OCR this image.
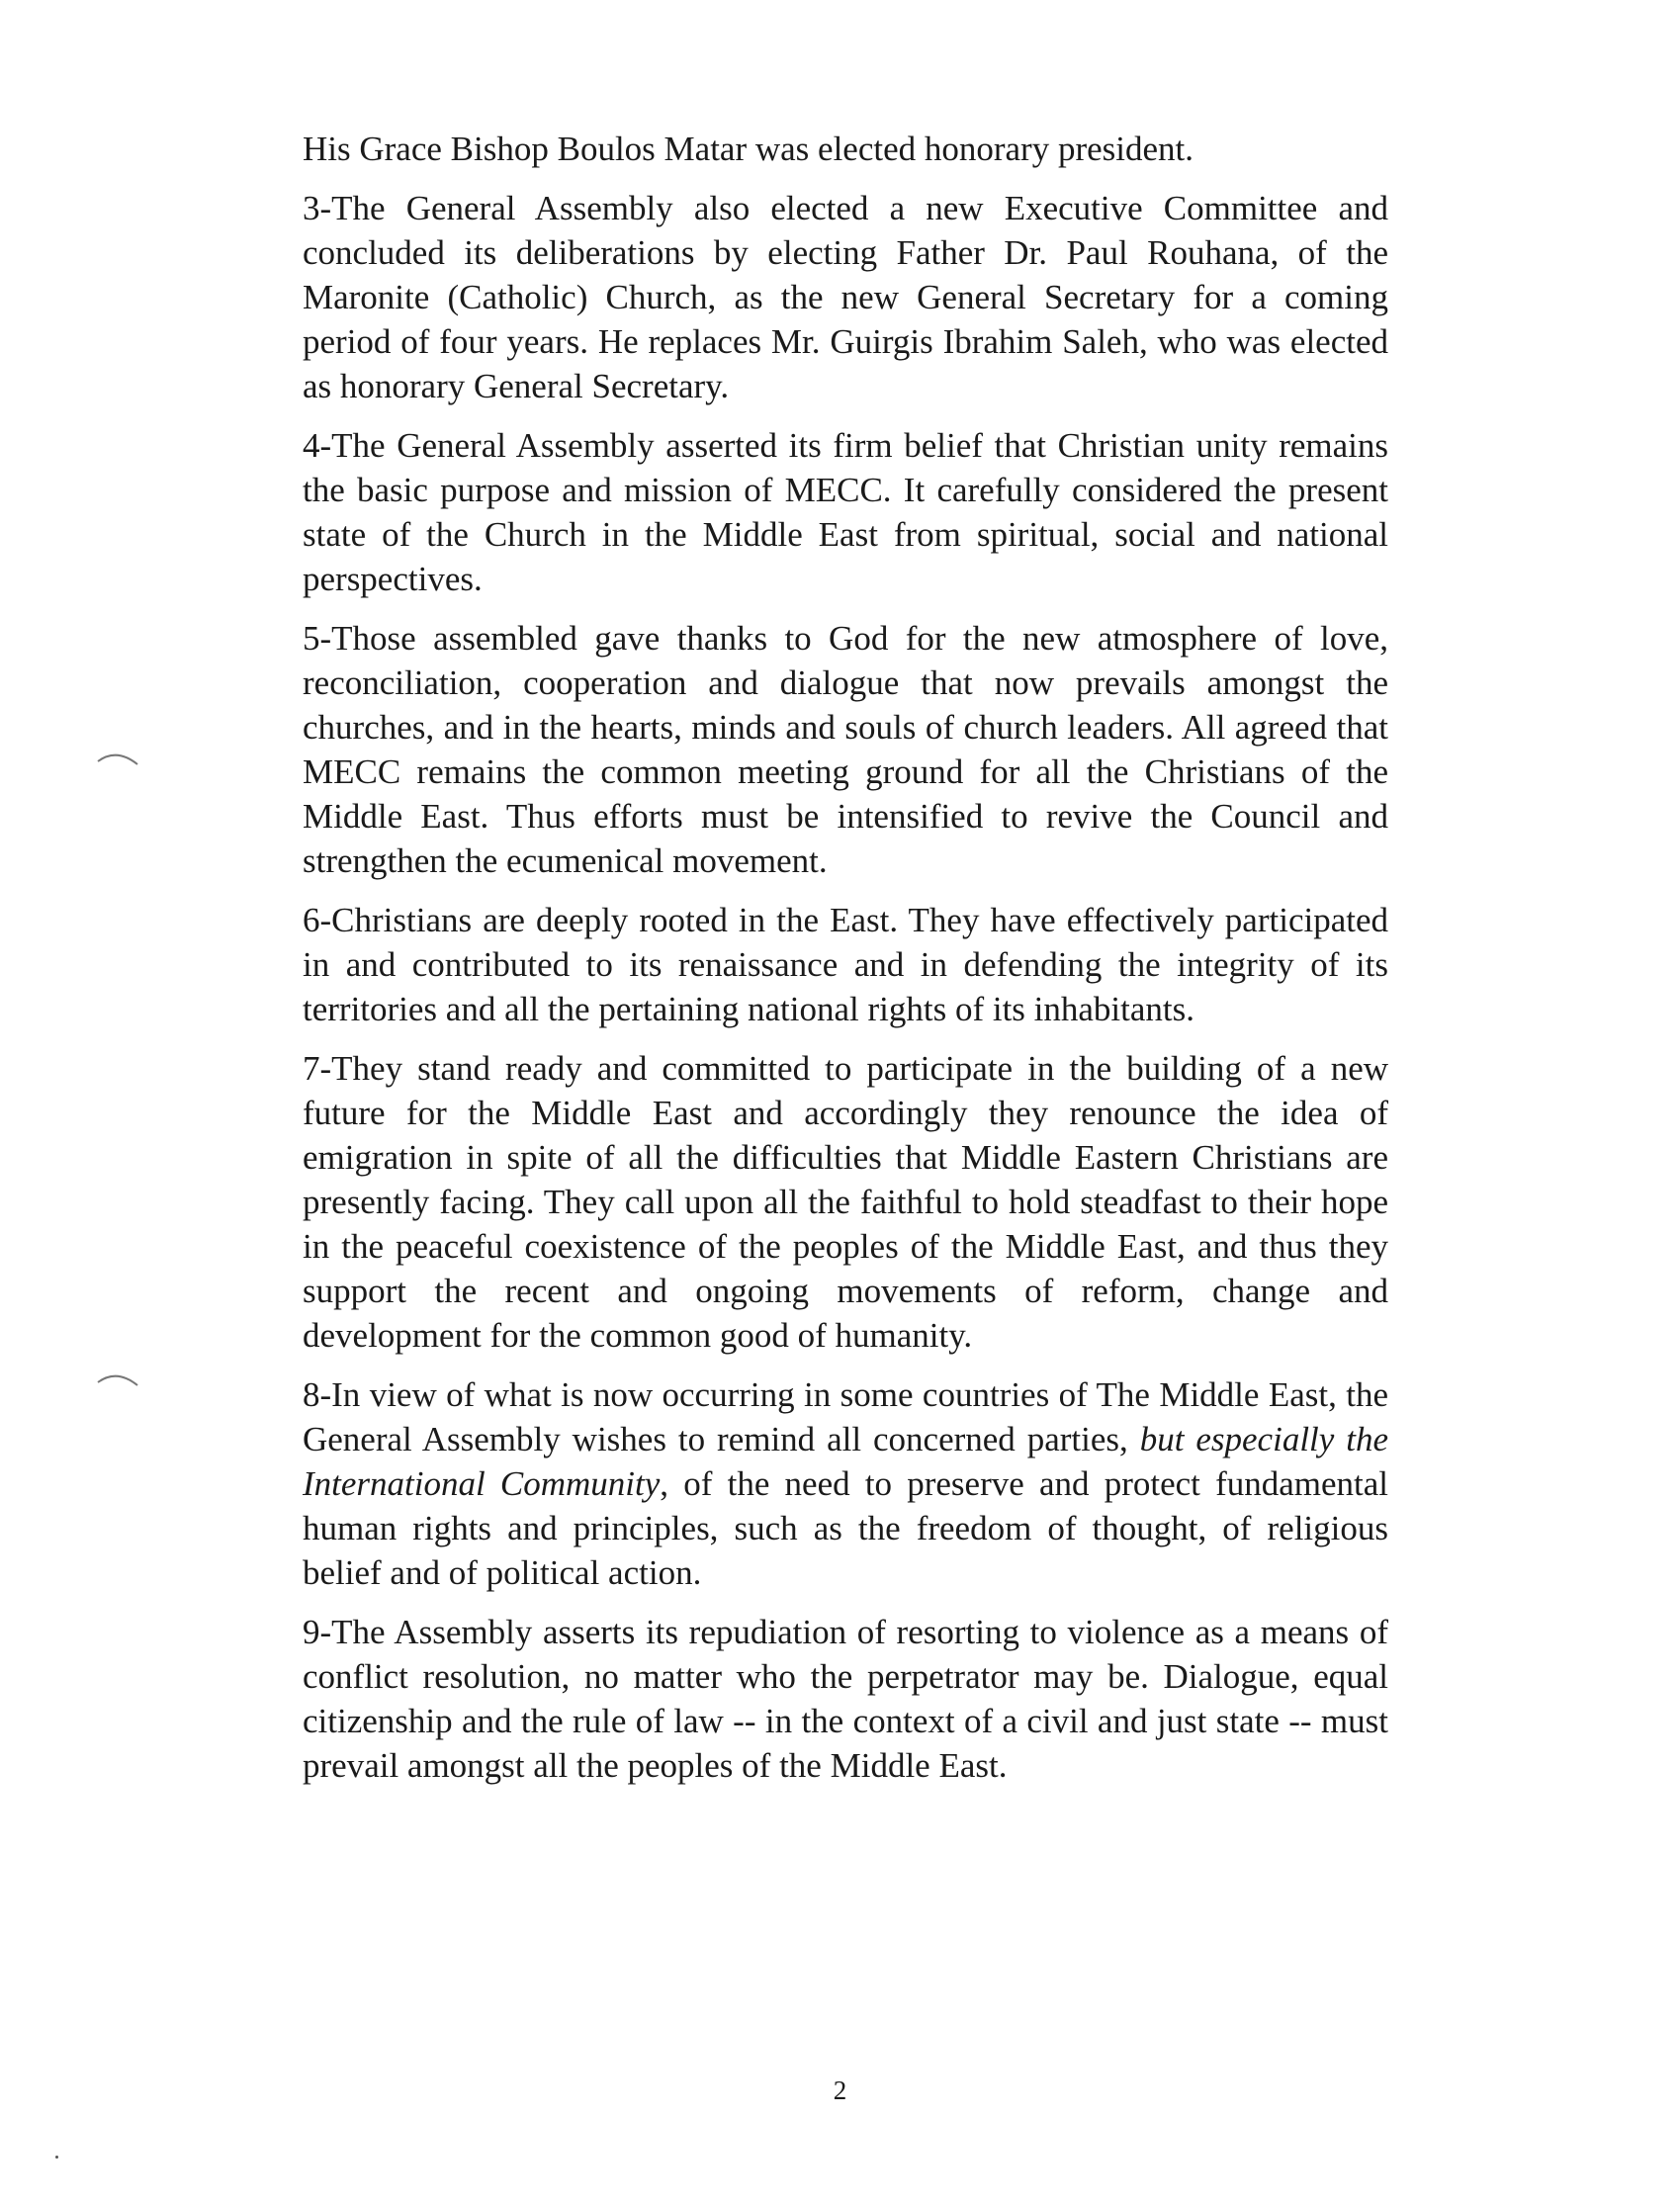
His Grace Bishop Boulos Matar was elected honorary president.

3-The General Assembly also elected a new Executive Committee and concluded its deliberations by electing Father Dr. Paul Rouhana, of the Maronite (Catholic) Church, as the new General Secretary for a coming period of four years. He replaces Mr. Guirgis Ibrahim Saleh, who was elected as honorary General Secretary.

4-The General Assembly asserted its firm belief that Christian unity remains the basic purpose and mission of MECC. It carefully considered the present state of the Church in the Middle East from spiritual, social and national perspectives.

5-Those assembled gave thanks to God for the new atmosphere of love, reconciliation, cooperation and dialogue that now prevails amongst the churches, and in the hearts, minds and souls of church leaders. All agreed that MECC remains the common meeting ground for all the Christians of the Middle East. Thus efforts must be intensified to revive the Council and strengthen the ecumenical movement.

6-Christians are deeply rooted in the East. They have effectively participated in and contributed to its renaissance and in defending the integrity of its territories and all the pertaining national rights of its inhabitants.

7-They stand ready and committed to participate in the building of a new future for the Middle East and accordingly they renounce the idea of emigration in spite of all the difficulties that Middle Eastern Christians are presently facing. They call upon all the faithful to hold steadfast to their hope in the peaceful coexistence of the peoples of the Middle East, and thus they support the recent and ongoing movements of reform, change and development for the common good of humanity.

8-In view of what is now occurring in some countries of The Middle East, the General Assembly wishes to remind all concerned parties, but especially the International Community, of the need to preserve and protect fundamental human rights and principles, such as the freedom of thought, of religious belief and of political action.

9-The Assembly asserts its repudiation of resorting to violence as a means of conflict resolution, no matter who the perpetrator may be. Dialogue, equal citizenship and the rule of law -- in the context of a civil and just state -- must prevail amongst all the peoples of the Middle East.

2
